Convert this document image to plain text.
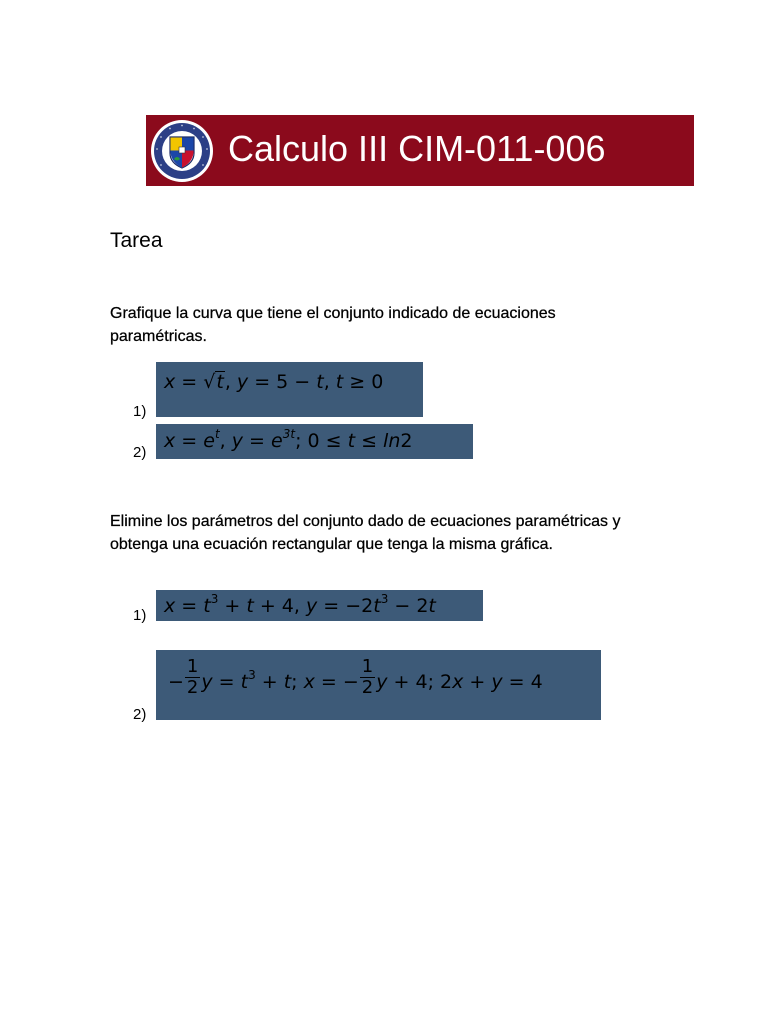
Calculo III CIM-011-006
Tarea
Grafique la curva que tiene el conjunto indicado de ecuaciones paramétricas.
1)
x = √t, y = 5 − t, t ≥ 0
2)
$x = e^t$, $y = e^{3t}$; 0 ≤ t ≤ ln2
Elimine los parámetros del conjunto dado de ecuaciones paramétricas y obtenga una ecuación rectangular que tenga la misma gráfica.
1) $x = t^3 + t + 4$, $y = -2t^3 - 2t$
2)
− $\frac{1}{2}$ $y = t^3 + t$; x = − $\frac{1}{2}$ y + 4; 2x + y = 4
